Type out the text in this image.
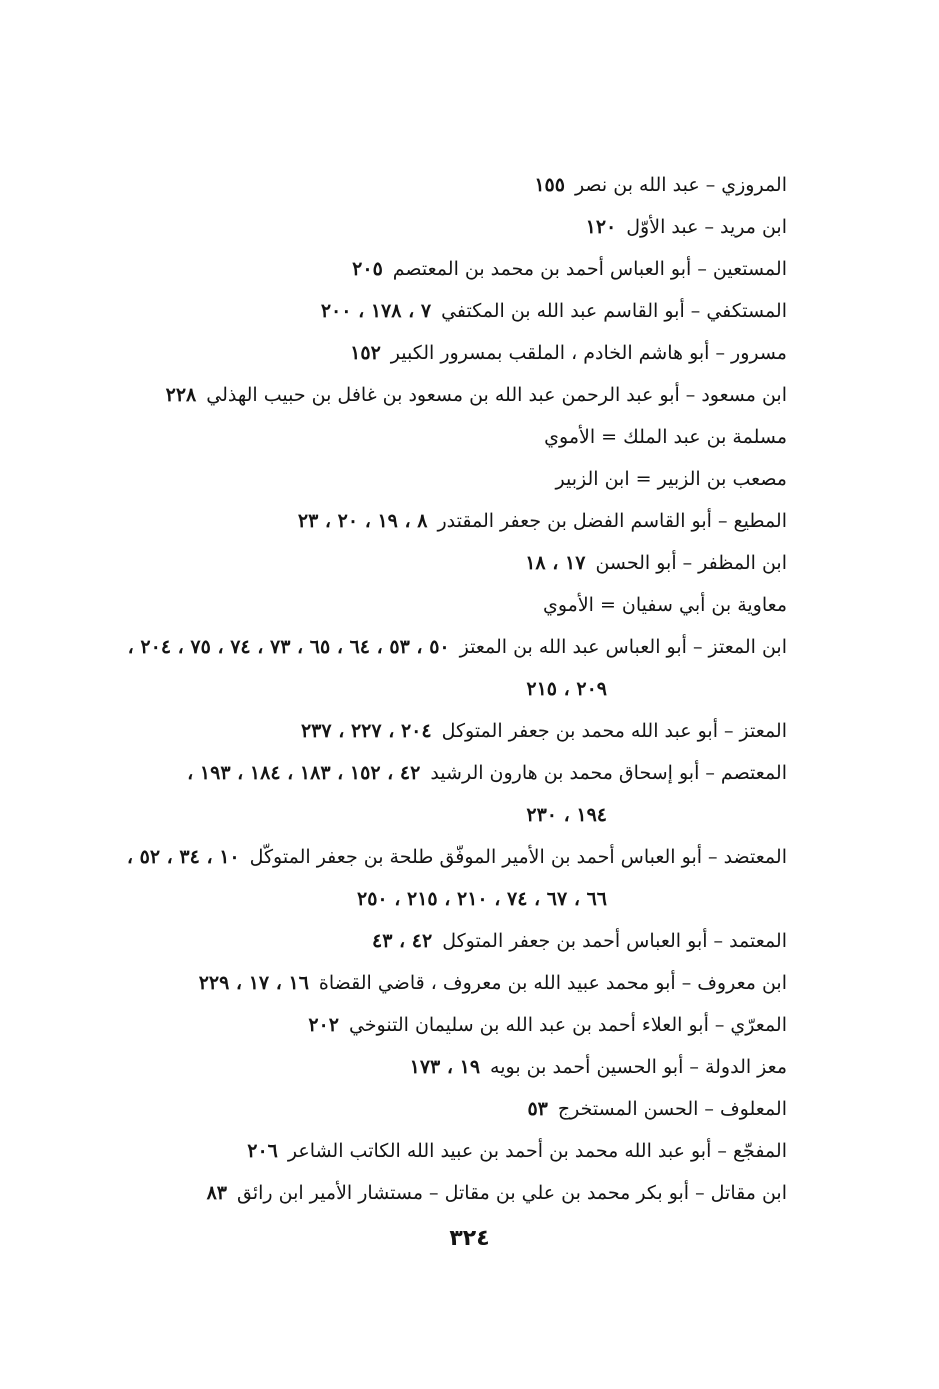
المروزي – عبد الله بن نصر١٥٥

ابن مريد – عبد الأوّل١٢٠

المستعين – أبو العباس أحمد بن محمد بن المعتصم٢٠٥

المستكفي – أبو القاسم عبد الله بن المكتفي٧ ، ١٧٨ ، ٢٠٠

مسرور – أبو هاشم الخادم ، الملقب بمسرور الكبير١٥٢

ابن مسعود – أبو عبد الرحمن عبد الله بن مسعود بن غافل بن حبيب الهذلي٢٢٨

مسلمة بن عبد الملك = الأموي

مصعب بن الزبير = ابن الزبير

المطيع – أبو القاسم الفضل بن جعفر المقتدر٨ ، ١٩ ، ٢٠ ، ٢٣

ابن المظفر – أبو الحسن١٧ ، ١٨

معاوية بن أبي سفيان = الأموي

ابن المعتز – أبو العباس عبد الله بن المعتز٥٠ ، ٥٣ ، ٦٤ ، ٦٥ ، ٧٣ ، ٧٤ ، ٧٥ ، ٢٠٤ ،
٢٠٩ ، ٢١٥

المعتز – أبو عبد الله محمد بن جعفر المتوكل٢٠٤ ، ٢٢٧ ، ٢٣٧

المعتصم – أبو إسحاق محمد بن هارون الرشيد٤٢ ، ١٥٢ ، ١٨٣ ، ١٨٤ ، ١٩٣ ،
١٩٤ ، ٢٣٠

المعتضد – أبو العباس أحمد بن الأمير الموفّق طلحة بن جعفر المتوكّل١٠ ، ٣٤ ، ٥٢ ،
٦٦ ، ٦٧ ، ٧٤ ، ٢١٠ ، ٢١٥ ، ٢٥٠

المعتمد – أبو العباس أحمد بن جعفر المتوكل٤٢ ، ٤٣

ابن معروف – أبو محمد عبيد الله بن معروف ، قاضي القضاة١٦ ، ١٧ ، ٢٢٩

المعرّي – أبو العلاء أحمد بن عبد الله بن سليمان التنوخي٢٠٢

معز الدولة – أبو الحسين أحمد بن بويه١٩ ، ١٧٣

المعلوف – الحسن المستخرج٥٣

المفجّع – أبو عبد الله محمد بن أحمد بن عبيد الله الكاتب الشاعر٢٠٦

ابن مقاتل – أبو بكر محمد بن علي بن مقاتل – مستشار الأمير ابن رائق٨٣

٣٢٤
